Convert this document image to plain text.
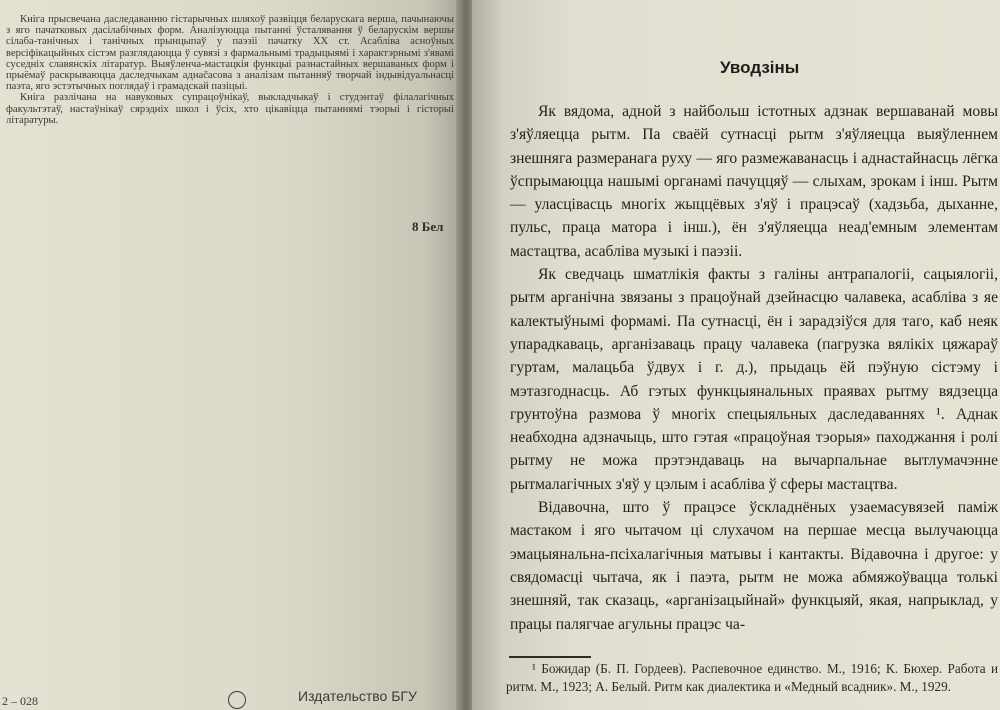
Кніга прысвечана даследаванню гістарычных шляхоў развіцця беларускага верша, пачынаючы з яго пачатковых дасілабічных форм. Аналізуюцца пытанні ўсталявання ў беларускім вершы сілаба-танічных і танічных прынцыпаў у паэзіі пачатку XX ст. Асабліва асноўных версіфікацыйных сістэм разглядаюцца ў сувязі з фармальнымі традыцыямі і характэрнымі з'явамі суседніх славянскіх літаратур. Выяўленча-мастацкія функцыі разнастайных вершаваных форм і прыёмаў раскрываюцца даследчыкам аднačасова з аналізам пытанняў творчай індывідуальнасці паэта, яго эстэтычных поглядаў і грамадскай пазіцыі.

Кніга разлічана на навуковых супрацоўнікаў, выкладчыкаў і студэнтаў філалагічных факультэтаў, настаўнікаў сярэдніх школ і ўсіх, хто цікавіцца пытаннямі тэорыі і гісторыі літаратуры.

8 Бел
2 – 028	Издательство БГУ
Уводзіны

Як вядома, адной з найбольш істотных адзнак вершаванай мовы з'яўляецца рытм. Па сваёй сутнасці рытм з'яўляецца выяўленнем знешняга размеранага руху — яго размежаванасць і аднастайнасць лёгка ўспрымаюцца нашымі органамі пачуццяў — слыхам, зрокам і інш. Рытм — уласцівасць многіх жыццёвых з'яў і працэсаў (хадзьба, дыханне, пульс, праца матора і інш.), ён з'яўляецца неад'емным элементам мастацтва, асабліва музыкі і паэзіі.

Як сведчаць шматлікія факты з галіны антрапалогіі, сацыялогіі, рытм арганічна звязаны з працоўнай дзейнасцю чалавека, асабліва з яе калектыўнымі формамі. Па сутнасці, ён і зарадзіўся для таго, каб неяк упарадкаваць, арганізаваць працу чалавека (пагрузка вялікіх цяжараў гуртам, малацьба ўдвух і г. д.), прыдаць ёй пэўную сістэму і мэтазгоднасць. Аб гэтых функцыянальных праявах рытму вядзецца грунтоўна размова ў многіх спецыяльных даследаваннях ¹. Аднак неабходна адзначыць, што гэтая «працоўная тэорыя» паходжання і ролі рытму не можа прэтэндаваць на вычарпальнае вытлумачэнне рытмалагічных з'яў у цэлым і асабліва ў сферы мастацтва.

Відавочна, што ў працэсе ўскладнёных узаемасувязей паміж мастаком і яго чытачом ці слухачом на першае месца вылучаюцца эмацыянальна-псіхалагічныя матывы і кантакты. Відавочна і другое: у свядомасці чытача, як і паэта, рытм не можа абмяжоўвацца толькі знешняй, так сказаць, «арганізацыйнай» функцыяй, якая, напрыклад, у працы палягчае агульны працэс ча-

¹ Божидар (Б. П. Гордеев). Распевочное единство. М., 1916; К. Бюхер. Работа и ритм. М., 1923; А. Белый. Ритм как диалектика и «Медный всадник». М., 1929.
